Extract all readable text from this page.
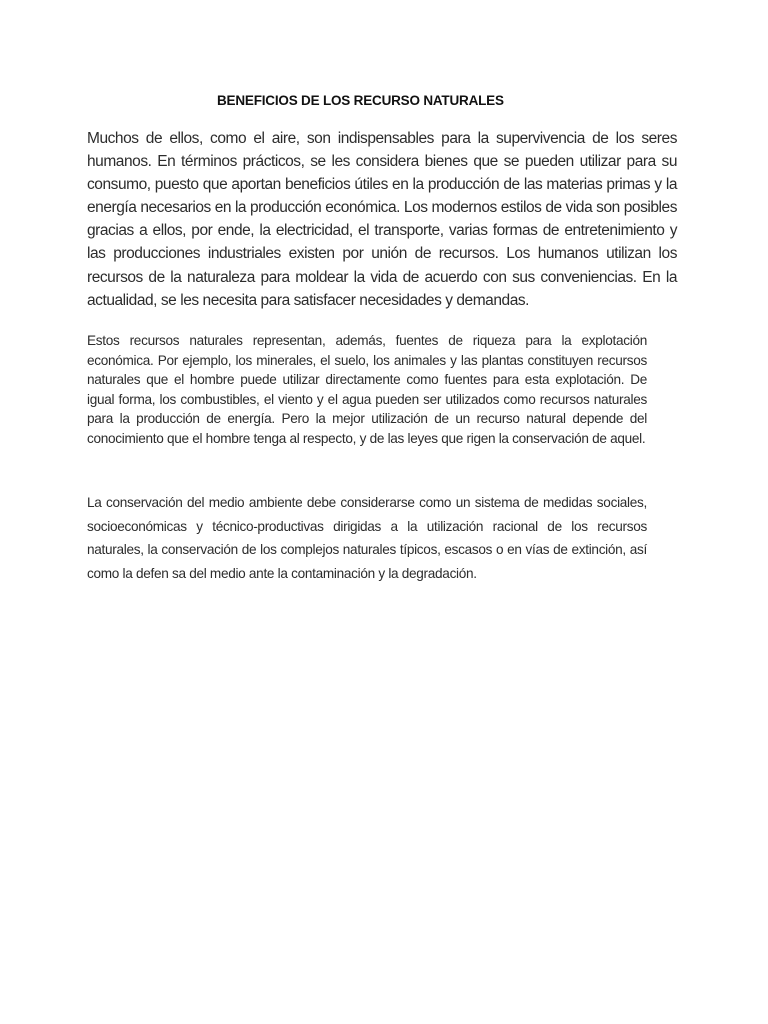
BENEFICIOS DE LOS RECURSO NATURALES

Muchos de ellos, como el aire, son indispensables para la supervivencia de los seres humanos. En términos prácticos, se les considera bienes que se pueden utilizar para su consumo, puesto que aportan beneficios útiles en la producción de las materias primas y la energía necesarios en la producción económica. Los modernos estilos de vida son posibles gracias a ellos, por ende, la electricidad, el transporte, varias formas de entretenimiento y las producciones industriales existen por unión de recursos. Los humanos utilizan los recursos de la naturaleza para moldear la vida de acuerdo con sus conveniencias. En la actualidad, se les necesita para satisfacer necesidades y demandas.

Estos recursos naturales representan, además, fuentes de riqueza para la explotación económica. Por ejemplo, los minerales, el suelo, los animales y las plantas constituyen recursos naturales que el hombre puede utilizar directamente como fuentes para esta explotación. De igual forma, los combustibles, el viento y el agua pueden ser utilizados como recursos naturales para la producción de energía. Pero la mejor utilización de un recurso natural depende del conocimiento que el hombre tenga al respecto, y de las leyes que rigen la conservación de aquel.

La conservación del medio ambiente debe considerarse como un sistema de medidas sociales, socioeconómicas y técnico-productivas dirigidas a la utilización racional de los recursos naturales, la conservación de los complejos naturales típicos, escasos o en vías de extinción, así como la defen sa del medio ante la contaminación y la degradación.
